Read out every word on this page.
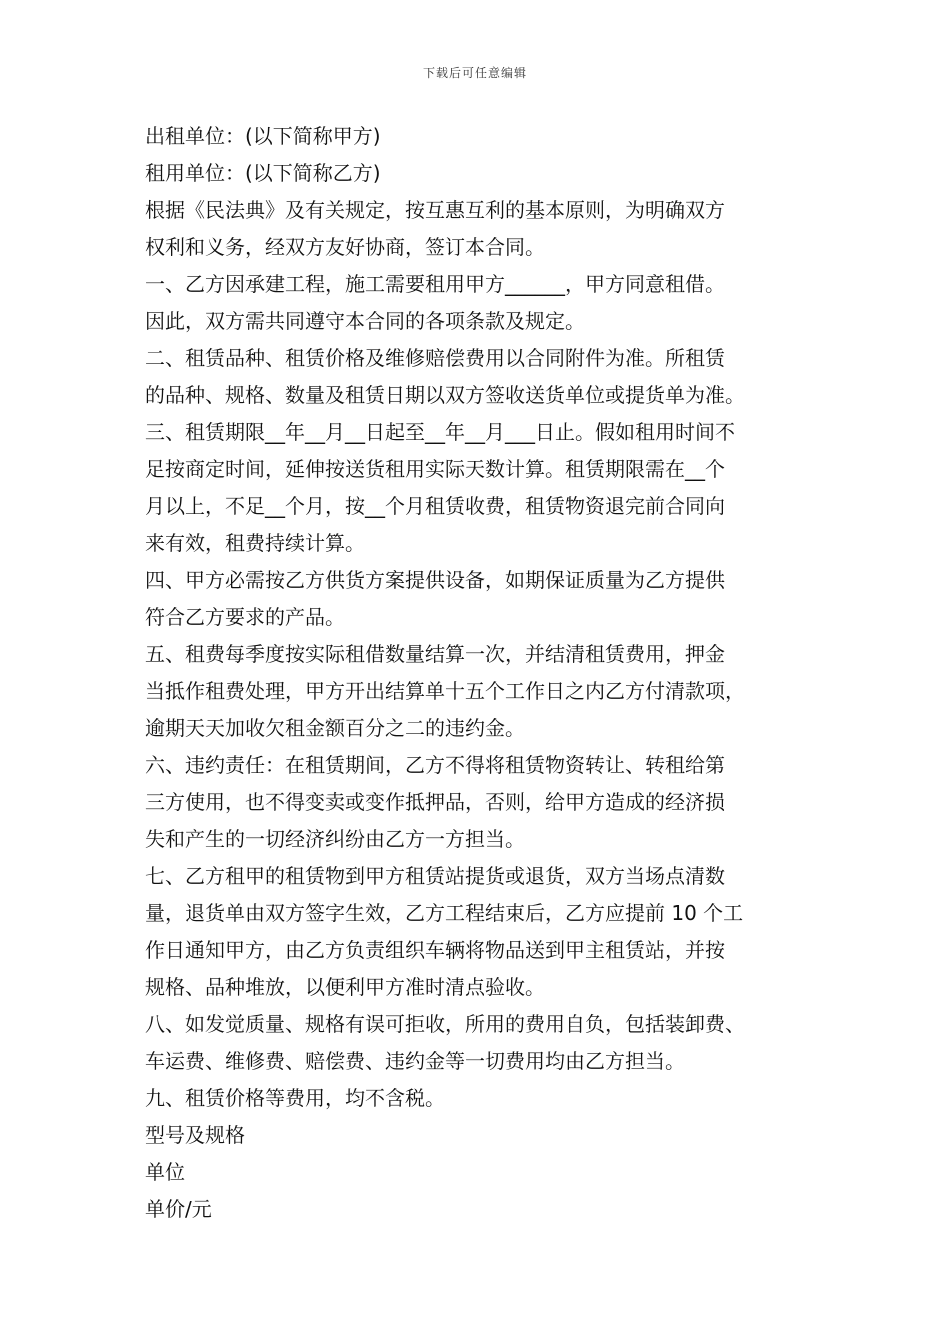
下载后可任意编辑
出租单位：(以下简称甲方)
租用单位：(以下简称乙方)
根据《民法典》及有关规定，按互惠互利的基本原则，为明确双方
权利和义务，经双方友好协商，签订本合同。
一、乙方因承建工程，施工需要租用甲方______，甲方同意租借。
因此，双方需共同遵守本合同的各项条款及规定。
二、租赁品种、租赁价格及维修赔偿费用以合同附件为准。所租赁
的品种、规格、数量及租赁日期以双方签收送货单位或提货单为准。
三、租赁期限__年__月__日起至__年__月___日止。假如租用时间不
足按商定时间，延伸按送货租用实际天数计算。租赁期限需在__个
月以上，不足__个月，按__个月租赁收费，租赁物资退完前合同向
来有效，租费持续计算。
四、甲方必需按乙方供货方案提供设备，如期保证质量为乙方提供
符合乙方要求的产品。
五、租费每季度按实际租借数量结算一次，并结清租赁费用，押金
当抵作租费处理，甲方开出结算单十五个工作日之内乙方付清款项，
逾期天天加收欠租金额百分之二的违约金。
六、违约责任：在租赁期间，乙方不得将租赁物资转让、转租给第
三方使用，也不得变卖或变作抵押品，否则，给甲方造成的经济损
失和产生的一切经济纠纷由乙方一方担当。
七、乙方租甲的租赁物到甲方租赁站提货或退货，双方当场点清数
量，退货单由双方签字生效，乙方工程结束后，乙方应提前 10 个工
作日通知甲方，由乙方负责组织车辆将物品送到甲主租赁站，并按
规格、品种堆放，以便利甲方准时清点验收。
八、如发觉质量、规格有误可拒收，所用的费用自负，包括装卸费、
车运费、维修费、赔偿费、违约金等一切费用均由乙方担当。
九、租赁价格等费用，均不含税。
型号及规格
单位
单价/元
